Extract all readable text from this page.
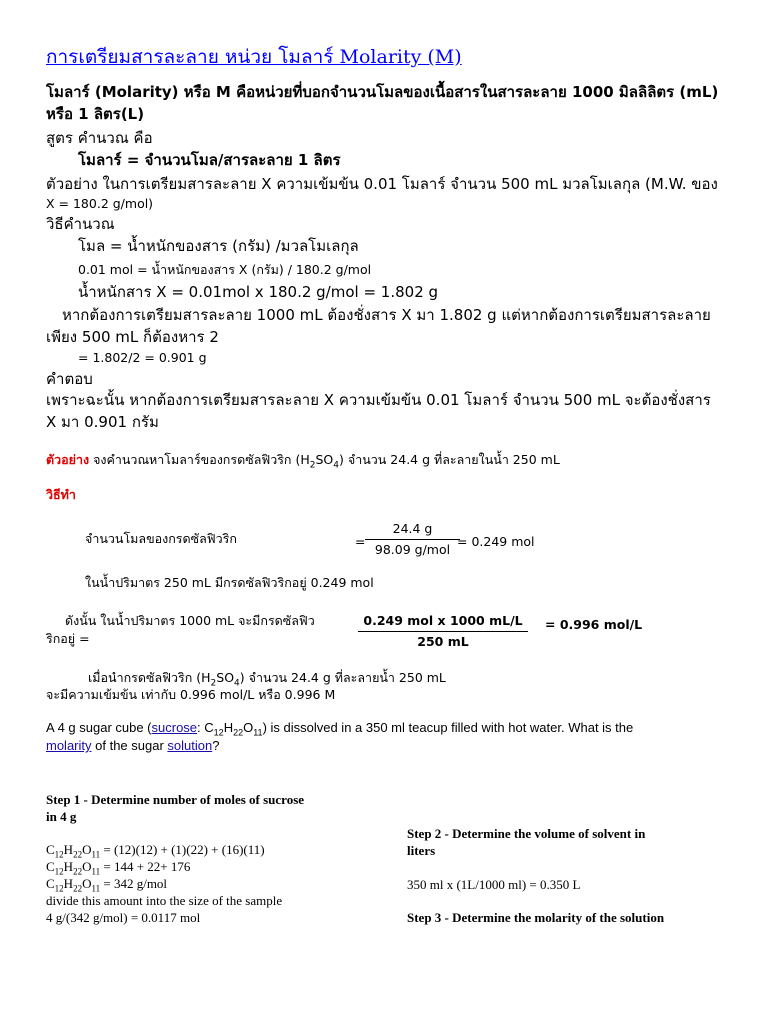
การเตรียมสารละลาย หน่วย โมลาร์ Molarity (M)
โมลาร์ (Molarity) หรือ M คือหน่วยที่บอกจำนวนโมลของเนื้อสารในสารละลาย 1000 มิลลิลิตร (mL)
หรือ 1 ลิตร(L)
สูตร คำนวณ คือ
โมลาร์ = จำนวนโมล/สารละลาย 1 ลิตร
ตัวอย่าง ในการเตรียมสารละลาย X ความเข้มข้น 0.01 โมลาร์ จำนวน 500 mL มวลโมเลกุล (M.W. ของ
X = 180.2 g/mol)
วิธีคำนวณ
โมล = น้ำหนักของสาร (กรัม) /มวลโมเลกุล
0.01 mol = น้ำหนักของสาร X (กรัม) / 180.2 g/mol
น้ำหนักสาร X = 0.01mol x 180.2 g/mol = 1.802 g
หากต้องการเตรียมสารละลาย 1000 mL ต้องชั่งสาร X มา 1.802 g แต่หากต้องการเตรียมสารละลาย
เพียง 500 mL ก็ต้องหาร 2
= 1.802/2 = 0.901 g
คำตอบ
เพราะฉะนั้น หากต้องการเตรียมสารละลาย X ความเข้มข้น 0.01 โมลาร์ จำนวน 500 mL จะต้องชั่งสาร
X มา 0.901 กรัม
ตัวอย่าง จงคำนวณหาโมลาร์ของกรดซัลฟิวริก $(H_2SO_4)$ จำนวน 24.4 g ที่ละลายในน้ำ 250 mL
วิธีทำ
จำนวนโมลของกรดซัลฟิวริก	=
24.4 g
98.09 g/mol
= 0.249 mol
ในน้ำปริมาตร 250 mL มีกรดซัลฟิวริกอยู่ 0.249 mol
ดังนั้น ในน้ำปริมาตร 1000 mL จะมีกรดซัลฟิว
ริกอยู่ =
0.249 mol x 1000 mL/L
250 mL
= 0.996 mol/L
เมื่อนำกรดซัลฟิวริก $(H_2SO_4)$ จำนวน 24.4 g ที่ละลายน้ำ 250 mL
จะมีความเข้มข้น เท่ากับ 0.996 mol/L หรือ 0.996 M
A 4 g sugar cube (sucrose: $C_{12}H_{22}O_{11}$) is dissolved in a 350 ml teacup filled with hot water. What is the
molarity of the sugar solution?
Step 1 - Determine number of moles of sucrose
in 4 g
$C_{12}H_{22}O_{11} = (12)(12) + (1)(22) + (16)(11)$
$C_{12}H_{22}O_{11} = 144 + 22+ 176$
$C_{12}H_{22}O_{11} = 342$ g/mol
divide this amount into the size of the sample
4 g/(342 g/mol) = 0.0117 mol
Step 2 - Determine the volume of solvent in
liters
350 ml x (1L/1000 ml) = 0.350 L
Step 3 - Determine the molarity of the solution
